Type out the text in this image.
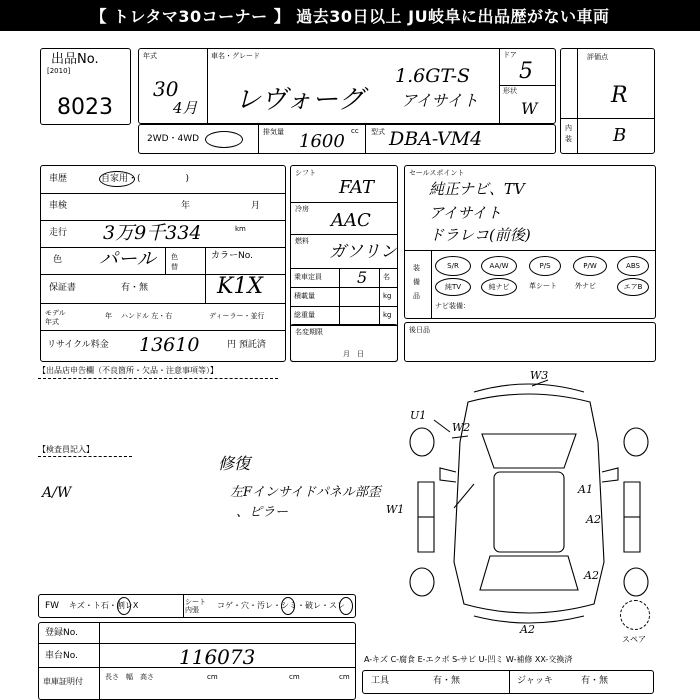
【 トレタマ30コーナー 】 過去30日以上 JU岐阜に出品歴がない車両
出品No.
[2010]
8023
年式
30
4月
車名・グレード
レヴォーグ
1.6GT-S
アイサイト
ドア
5
形状
W
評価点
R
内装 B
2WD・4WD
排気量	cc
1600	型式 DBA-VM4
車歴	自家用・(　　　　　)
車検	年	月
走行 3万9千334	km
色 パール 色替
カラーNo.
保証書	有・無	K1X
モデル年式
年 ハンドル 左・右	ディーラー・並行
リサイクル料金 13610	円 預託済
シフト
FAT
冷房
AAC
燃料
ガソリン
乗車定員 5 名
積載量	kg
総重量	kg
名変期限
月　日
セールスポイント
純正ナビ、TV
アイサイト
ドラレコ(前後)
装備品
S/R	AA/W	P/S	P/W	ABS
純TV	純ナビ	革シート	外ナビ	エアB
ナビ装備：
後日品
【出品店申告欄（不良箇所・欠品・注意事項等）】
【検査員記入】
A/W
修復
左Fインサイドパネル部歪
、ピラー
W3
W2
U1
W1
A1
A2
A2
A2
スペア
FW キズ・ト石・割レX	シート内張	コゲ・穴・汚レ・シミ・破レ・スレ
登録No.
車台No.	116073
車庫証明付	長さ　幅　高さ	cm	cm	cm
A-キズ C-腐食 E-エクボ S-サビ U-凹ミ W-補修 XX-交換済
工具	有・無	ジャッキ	有・無
